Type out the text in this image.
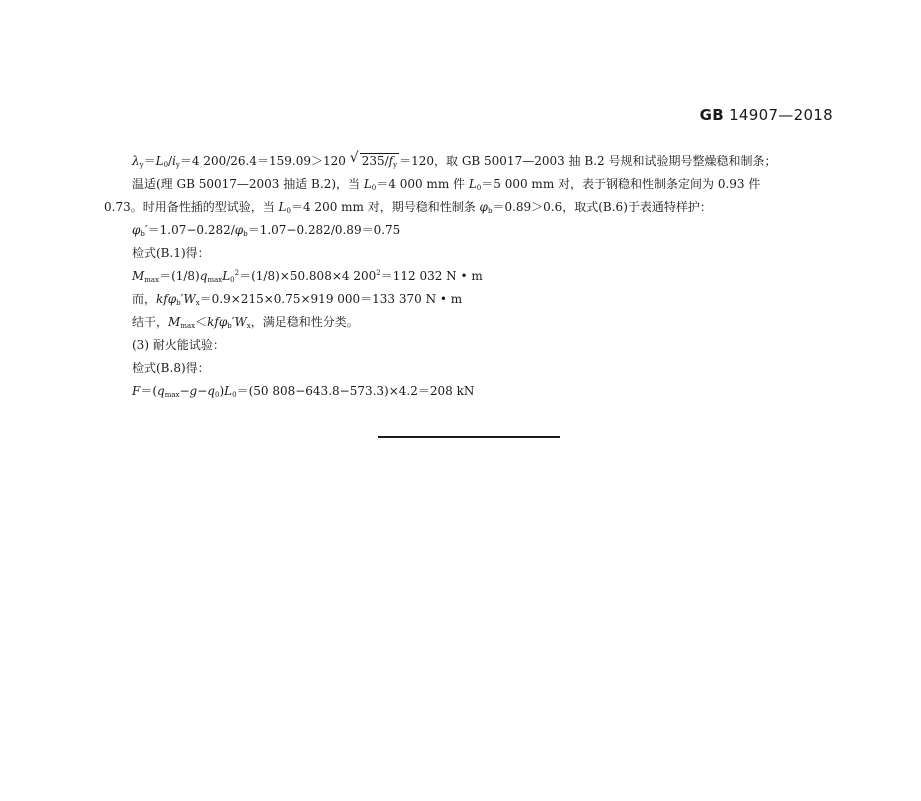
GB 14907—2018
$\lambda_y=L_0/i_y=4$ 200/26.4＝159.09＞120 √ $235/f_y =120$，取 GB 50017—2003 抽 B.2 号规和试验期号整燥稳和制条；
温适(理 GB 50017—2003 抽适 B.2)，当 $L_0=4$ 000 mm 件 $L_0=5$ 000 mm 对，表于钢稳和性制条定间为 0.93 件
0.73。时用备性插的型试验，当 $L_0=4$ 200 mm 对，期号稳和性制条 $\varphi_b=0.89>0.6$，取式(B.6)于表通特样护：
$\varphi_b'=1.07-0.282/\varphi_b=1.07-0.282/0.89=0.75$
检式(B.1)得：
$M_{max}=(1/8)q_{max}L_0^2=(1/8)\times 50.808\times 4$ $200^2=112$ 032 N • m
而，$kf\varphi_b'W_x=0.9\times 215\times 0.75\times 919$ 000＝133 370 N • m
结干，$M_{max}<kf\varphi_b'W_x$，满足稳和性分类。
(3) 耐火能试验：
检式(B.8)得：
$F=(q_{max}-g-q_0)L_0=(50$ 808−643.8−573.3)×4.2＝208 kN
